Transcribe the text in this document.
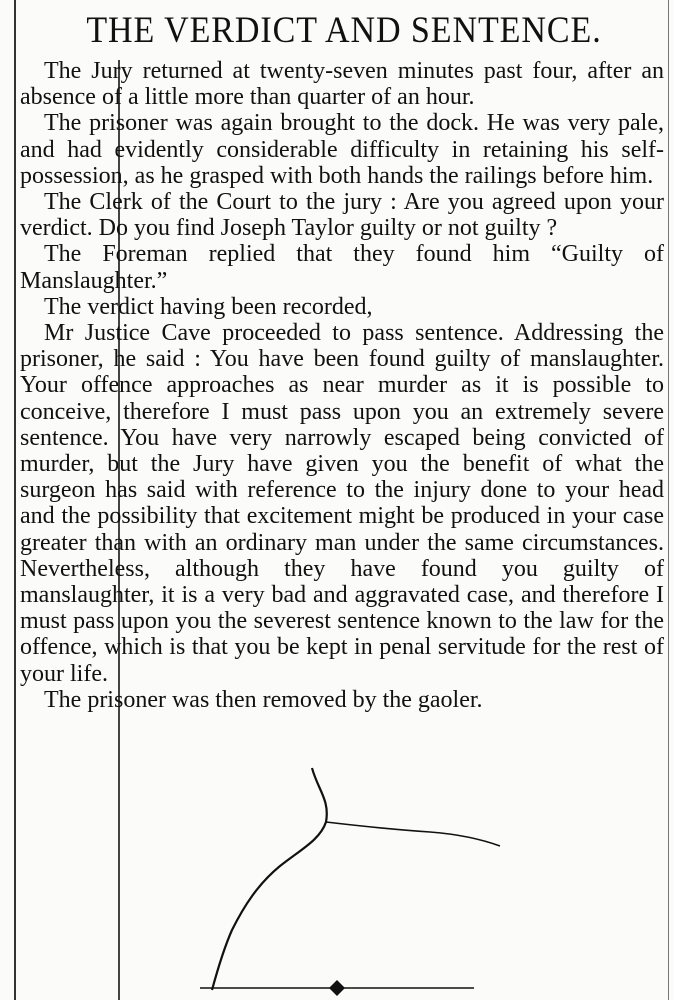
THE VERDICT AND SENTENCE.

The Jury returned at twenty-seven minutes past four, after an absence of a little more than quarter of an hour.

The prisoner was again brought to the dock. He was very pale, and had evidently considerable difficulty in retaining his self-possession, as he grasped with both hands the railings before him.

The Clerk of the Court to the jury : Are you agreed upon your verdict. Do you find Joseph Taylor guilty or not guilty ?

The Foreman replied that they found him “Guilty of Manslaughter.”

The verdict having been recorded,

Mr Justice Cave proceeded to pass sentence. Addressing the prisoner, he said : You have been found guilty of manslaughter. Your offence approaches as near murder as it is possible to conceive, therefore I must pass upon you an extremely severe sentence. You have very narrowly escaped being convicted of murder, but the Jury have given you the benefit of what the surgeon has said with reference to the injury done to your head and the possibility that excitement might be produced in your case greater than with an ordinary man under the same circumstances. Nevertheless, although they have found you guilty of manslaughter, it is a very bad and aggravated case, and therefore I must pass upon you the severest sentence known to the law for the offence, which is that you be kept in penal servitude for the rest of your life.

The prisoner was then removed by the gaoler.
